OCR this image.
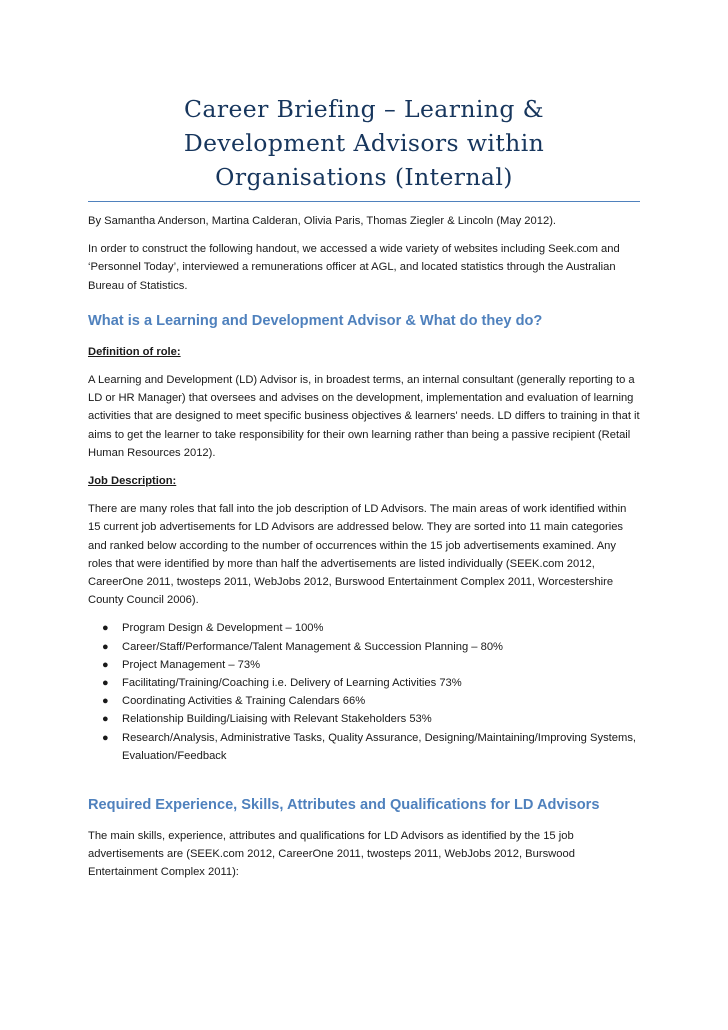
Career Briefing – Learning &
Development Advisors within
Organisations (Internal)

By Samantha Anderson, Martina Calderan, Olivia Paris, Thomas Ziegler & Lincoln (May 2012).

In order to construct the following handout, we accessed a wide variety of websites including Seek.com and ‘Personnel Today’, interviewed a remunerations officer at AGL, and located statistics through the Australian Bureau of Statistics.

What is a Learning and Development Advisor & What do they do?

Definition of role:

A Learning and Development (LD) Advisor is, in broadest terms, an internal consultant (generally reporting to a LD or HR Manager) that oversees and advises on the development, implementation and evaluation of learning activities that are designed to meet specific business objectives & learners' needs. LD differs to training in that it aims to get the learner to take responsibility for their own learning rather than being a passive recipient (Retail Human Resources 2012).

Job Description:

There are many roles that fall into the job description of LD Advisors. The main areas of work identified within 15 current job advertisements for LD Advisors are addressed below. They are sorted into 11 main categories and ranked below according to the number of occurrences within the 15 job advertisements examined. Any roles that were identified by more than half the advertisements are listed individually (SEEK.com 2012, CareerOne 2011, twosteps 2011, WebJobs 2012, Burswood Entertainment Complex 2011, Worcestershire County Council 2006).

● Program Design & Development – 100%
● Career/Staff/Performance/Talent Management & Succession Planning – 80%
● Project Management – 73%
● Facilitating/Training/Coaching i.e. Delivery of Learning Activities 73%
● Coordinating Activities & Training Calendars 66%
● Relationship Building/Liaising with Relevant Stakeholders 53%
● Research/Analysis, Administrative Tasks, Quality Assurance, Designing/Maintaining/Improving Systems, Evaluation/Feedback
Required Experience, Skills, Attributes and Qualifications for LD Advisors

The main skills, experience, attributes and qualifications for LD Advisors as identified by the 15 job advertisements are (SEEK.com 2012, CareerOne 2011, twosteps 2011, WebJobs 2012, Burswood Entertainment Complex 2011):
